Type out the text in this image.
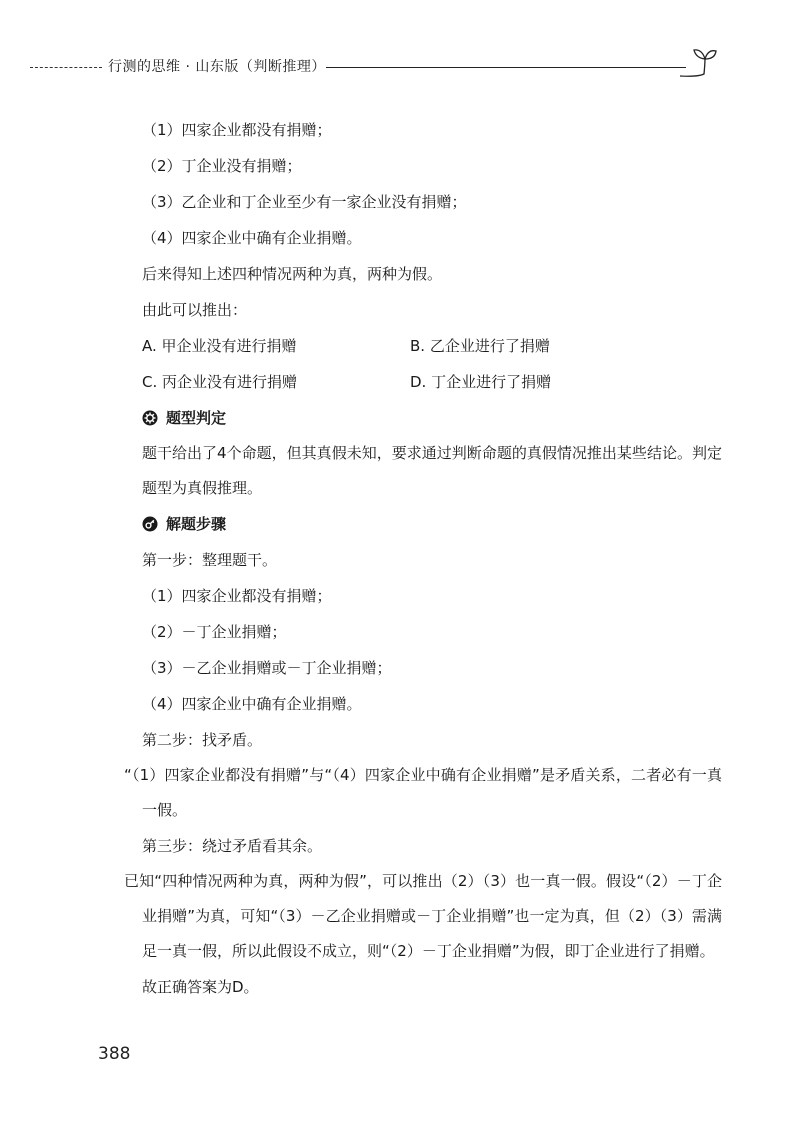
行测的思维 · 山东版（判断推理）

（1）四家企业都没有捐赠；

（2）丁企业没有捐赠；

（3）乙企业和丁企业至少有一家企业没有捐赠；

（4）四家企业中确有企业捐赠。

后来得知上述四种情况两种为真，两种为假。

由此可以推出：

A. 甲企业没有进行捐赠	B. 乙企业进行了捐赠
C. 丙企业没有进行捐赠	D. 丁企业进行了捐赠

题型判定

题干给出了4个命题，但其真假未知，要求通过判断命题的真假情况推出某些结论。判定题型为真假推理。

解题步骤

第一步：整理题干。

（1）四家企业都没有捐赠；

（2）－丁企业捐赠；

（3）－乙企业捐赠或－丁企业捐赠；

（4）四家企业中确有企业捐赠。

第二步：找矛盾。

“（1）四家企业都没有捐赠”与“（4）四家企业中确有企业捐赠”是矛盾关系，二者必有一真一假。

第三步：绕过矛盾看其余。

已知“四种情况两种为真，两种为假”，可以推出（2）（3）也一真一假。假设“（2）－丁企业捐赠”为真，可知“（3）－乙企业捐赠或－丁企业捐赠”也一定为真，但（2）（3）需满足一真一假，所以此假设不成立，则“（2）－丁企业捐赠”为假，即丁企业进行了捐赠。

故正确答案为D。

388
